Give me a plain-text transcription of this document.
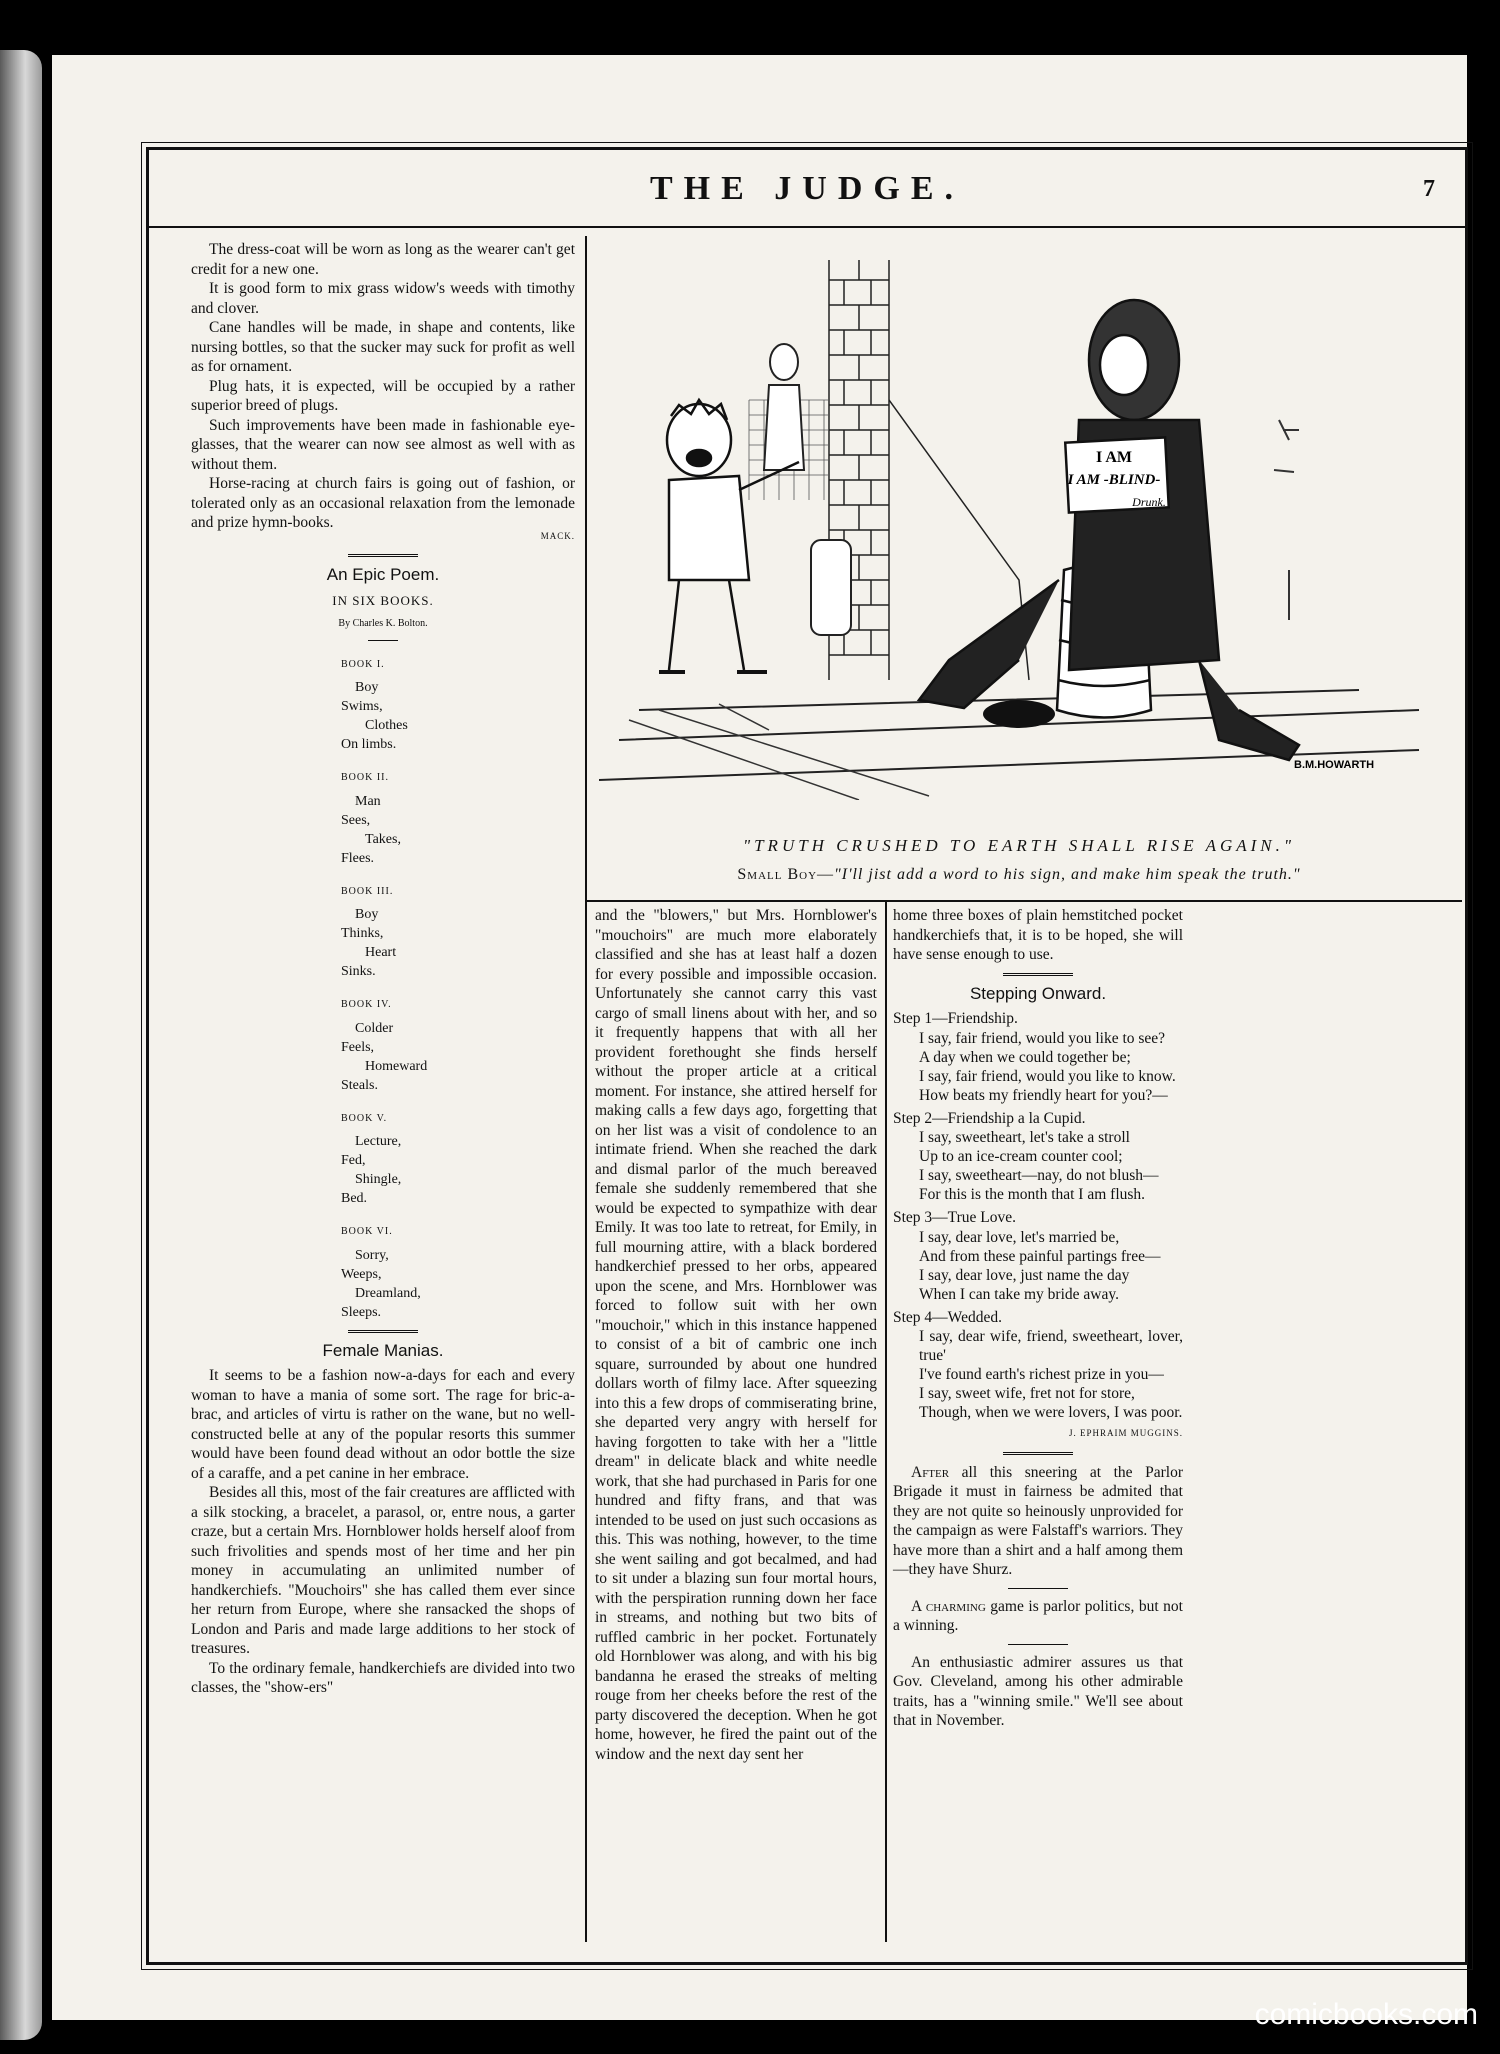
THE JUDGE.	7

The dress-coat will be worn as long as the wearer can't get credit for a new one.

It is good form to mix grass widow's weeds with timothy and clover.

Cane handles will be made, in shape and contents, like nursing bottles, so that the sucker may suck for profit as well as for ornament.

Plug hats, it is expected, will be occupied by a rather superior breed of plugs.

Such improvements have been made in fashionable eye-glasses, that the wearer can now see almost as well with as without them.

Horse-racing at church fairs is going out of fashion, or tolerated only as an occasional relaxation from the lemonade and prize hymn-books.

MACK.
An Epic Poem.
IN SIX BOOKS.
By Charles K. Bolton.
BOOK I.
Boy
Swims,
Clothes
On limbs.
BOOK II.
Man
Sees,
Takes,
Flees.
BOOK III.
Boy
Thinks,
Heart
Sinks.
BOOK IV.
Colder
Feels,
Homeward
Steals.
BOOK V.
Lecture,
Fed,
Shingle,
Bed.
BOOK VI.
Sorry,
Weeps,
Dreamland,
Sleeps.
Female Manias.

It seems to be a fashion now-a-days for each and every woman to have a mania of some sort. The rage for bric-a-brac, and articles of virtu is rather on the wane, but no well-constructed belle at any of the popular resorts this summer would have been found dead without an odor bottle the size of a caraffe, and a pet canine in her embrace.

Besides all this, most of the fair creatures are afflicted with a silk stocking, a bracelet, a parasol, or, entre nous, a garter craze, but a certain Mrs. Hornblower holds herself aloof from such frivolities and spends most of her time and her pin money in accumulating an unlimited number of handkerchiefs. "Mouchoirs" she has called them ever since her return from Europe, where she ransacked the shops of London and Paris and made large additions to her stock of treasures.

To the ordinary female, handkerchiefs are divided into two classes, the "show-ers"

I AM
I AM -BLIND-
Drunk.
B.M.HOWARTH
"TRUTH CRUSHED TO EARTH SHALL RISE AGAIN."
Small Boy—"I'll jist add a word to his sign, and make him speak the truth."

and the "blowers," but Mrs. Hornblower's "mouchoirs" are much more elaborately classified and she has at least half a dozen for every possible and impossible occasion. Unfortunately she cannot carry this vast cargo of small linens about with her, and so it frequently happens that with all her provident forethought she finds herself without the proper article at a critical moment. For instance, she attired herself for making calls a few days ago, forgetting that on her list was a visit of condolence to an intimate friend. When she reached the dark and dismal parlor of the much bereaved female she suddenly remembered that she would be expected to sympathize with dear Emily. It was too late to retreat, for Emily, in full mourning attire, with a black bordered handkerchief pressed to her orbs, appeared upon the scene, and Mrs. Hornblower was forced to follow suit with her own "mouchoir," which in this instance happened to consist of a bit of cambric one inch square, surrounded by about one hundred dollars worth of filmy lace. After squeezing into this a few drops of commiserating brine, she departed very angry with herself for having forgotten to take with her a "little dream" in delicate black and white needle work, that she had purchased in Paris for one hundred and fifty frans, and that was intended to be used on just such occasions as this. This was nothing, however, to the time she went sailing and got becalmed, and had to sit under a blazing sun four mortal hours, with the perspiration running down her face in streams, and nothing but two bits of ruffled cambric in her pocket. Fortunately old Hornblower was along, and with his big bandanna he erased the streaks of melting rouge from her cheeks before the rest of the party discovered the deception. When he got home, however, he fired the paint out of the window and the next day sent her

home three boxes of plain hemstitched pocket handkerchiefs that, it is to be hoped, she will have sense enough to use.

Stepping Onward.
Step 1—Friendship.
I say, fair friend, would you like to see?
A day when we could together be;
I say, fair friend, would you like to know.
How beats my friendly heart for you?—
Step 2—Friendship a la Cupid.
I say, sweetheart, let's take a stroll
Up to an ice-cream counter cool;
I say, sweetheart—nay, do not blush—
For this is the month that I am flush.
Step 3—True Love.
I say, dear love, let's married be,
And from these painful partings free—
I say, dear love, just name the day
When I can take my bride away.
Step 4—Wedded.
I say, dear wife, friend, sweetheart, lover, true'
I've found earth's richest prize in you—
I say, sweet wife, fret not for store,
Though, when we were lovers, I was poor.
J. EPHRAIM MUGGINS.

After all this sneering at the Parlor Brigade it must in fairness be admited that they are not quite so heinously unprovided for the campaign as were Falstaff's warriors. They have more than a shirt and a half among them—they have Shurz.

A charming game is parlor politics, but not a winning.

An enthusiastic admirer assures us that Gov. Cleveland, among his other admirable traits, has a "winning smile." We'll see about that in November.

comicbooks.com
